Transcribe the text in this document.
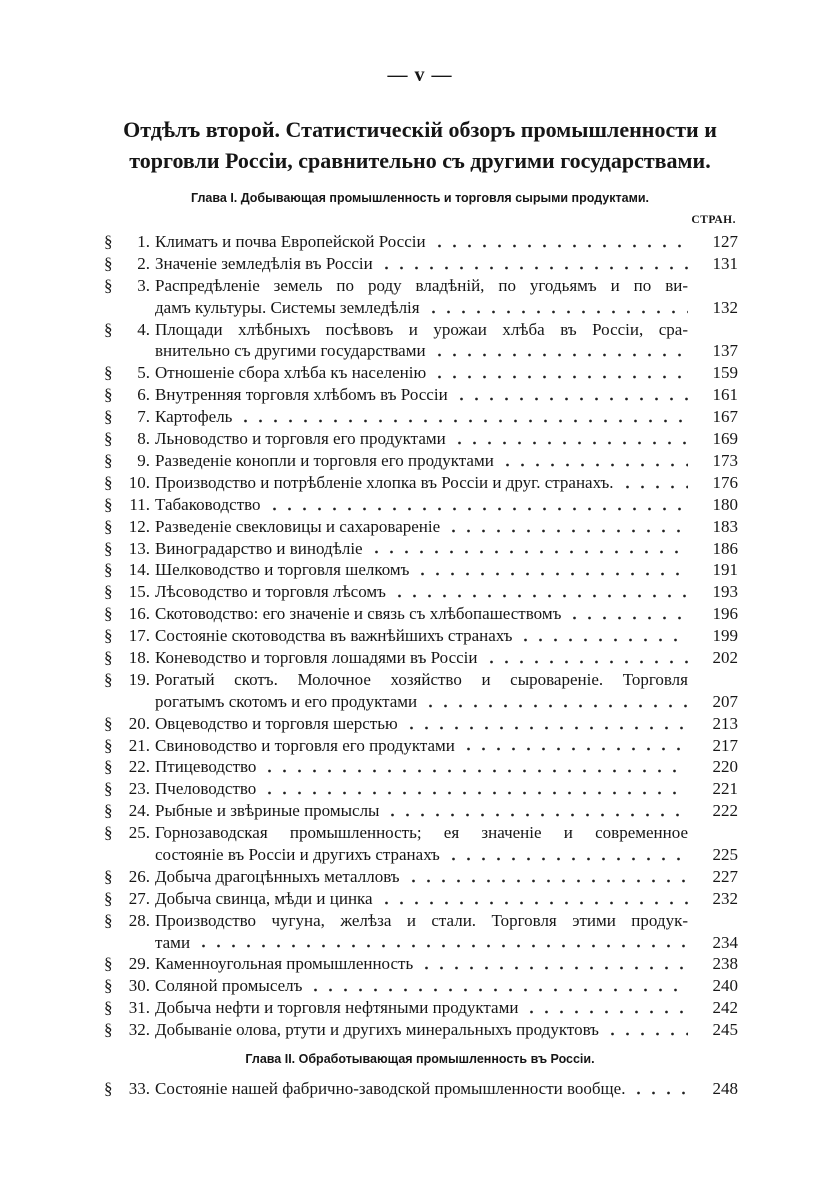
— v —
Отдѣлъ второй. Статистическій обзоръ промышленности и
торговли Россіи, сравнительно съ другими государствами.
Глава I. Добывающая промышленность и торговля сырыми продуктами.
СТРАН.
§	1. Климатъ и почва Европейской Россіи	127
§	2. Значеніе земледѣлія въ Россіи	131
§	3. Распредѣленіе земель по роду владѣній, по угодьямъ и по ви-
дамъ культуры. Системы земледѣлія	132
§	4. Площади хлѣбныхъ посѣвовъ и урожаи хлѣба въ Россіи, сра-
внительно съ другими государствами	137
§	5. Отношеніе сбора хлѣба къ населенію	159
§	6. Внутренняя торговля хлѣбомъ въ Россіи	161
§	7. Картофель	167
§	8. Льноводство и торговля его продуктами	169
§	9. Разведеніе конопли и торговля его продуктами	173
§ 10. Производство и потрѣбленіе хлопка въ Россіи и друг. странахъ.	176
§ 11. Табаководство	180
§ 12. Разведеніе свекловицы и сахаровареніе	183
§ 13. Виноградарство и винодѣліе	186
§ 14. Шелководство и торговля шелкомъ	191
§ 15. Лѣсоводство и торговля лѣсомъ	193
§ 16. Скотоводство: его значеніе и связь съ хлѣбопашествомъ	196
§ 17. Состояніе скотоводства въ важнѣйшихъ странахъ	199
§ 18. Коневодство и торговля лошадями въ Россіи	202
§ 19. Рогатый скотъ. Молочное хозяйство и сыровареніе. Торговля
рогатымъ скотомъ и его продуктами	207
§ 20. Овцеводство и торговля шерстью	213
§ 21. Свиноводство и торговля его продуктами	217
§ 22. Птицеводство	220
§ 23. Пчеловодство	221
§ 24. Рыбные и звѣриные промыслы	222
§ 25. Горнозаводская промышленность; ея значеніе и современное
состояніе въ Россіи и другихъ странахъ	225
§ 26. Добыча драгоцѣнныхъ металловъ	227
§ 27. Добыча свинца, мѣди и цинка	232
§ 28. Производство чугуна, желѣза и стали. Торговля этими продук-
тами	234
§ 29. Каменноугольная промышленность	238
§ 30. Соляной промыселъ	240
§ 31. Добыча нефти и торговля нефтяными продуктами	242
§ 32. Добываніе олова, ртути и другихъ минеральныхъ продуктовъ	245
Глава II. Обработывающая промышленность въ Россіи.
§ 33. Состояніе нашей фабрично-заводской промышленности вообще.	248
